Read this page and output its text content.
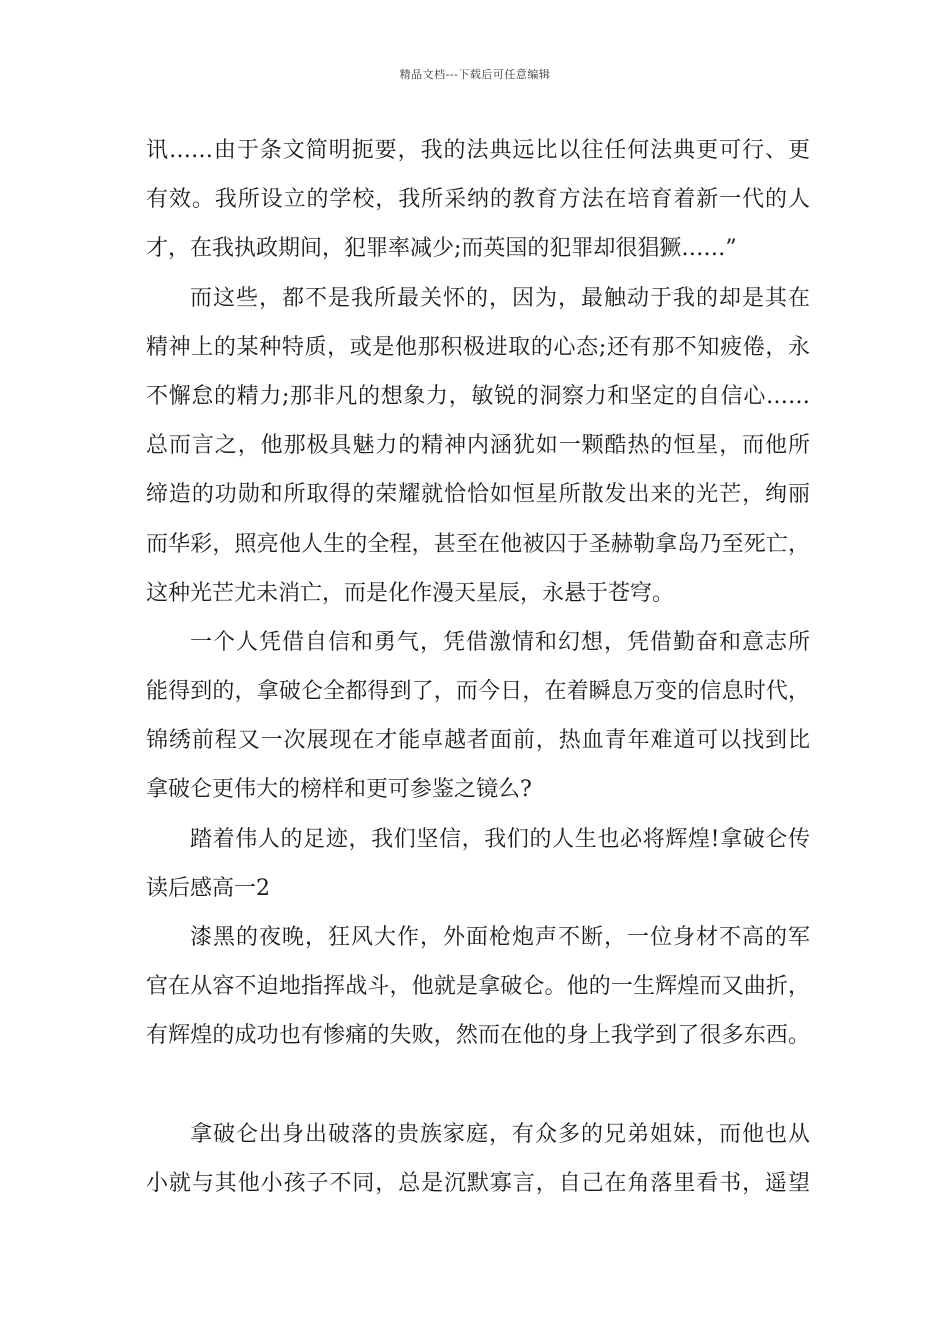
精品文档---下载后可任意编辑
讯……由于条文简明扼要，我的法典远比以往任何法典更可行、更
有效。我所设立的学校，我所采纳的教育方法在培育着新一代的人
才，在我执政期间，犯罪率减少;而英国的犯罪却很猖獗……”
而这些，都不是我所最关怀的，因为，最触动于我的却是其在
精神上的某种特质，或是他那积极进取的心态;还有那不知疲倦，永
不懈怠的精力;那非凡的想象力，敏锐的洞察力和坚定的自信心……
总而言之，他那极具魅力的精神内涵犹如一颗酷热的恒星，而他所
缔造的功勋和所取得的荣耀就恰恰如恒星所散发出来的光芒，绚丽
而华彩，照亮他人生的全程，甚至在他被囚于圣赫勒拿岛乃至死亡，
这种光芒尤未消亡，而是化作漫天星辰，永悬于苍穹。
一个人凭借自信和勇气，凭借激情和幻想，凭借勤奋和意志所
能得到的，拿破仑全都得到了，而今日，在着瞬息万变的信息时代，
锦绣前程又一次展现在才能卓越者面前，热血青年难道可以找到比
拿破仑更伟大的榜样和更可参鉴之镜么?
踏着伟人的足迹，我们坚信，我们的人生也必将辉煌!拿破仑传
读后感高一2
漆黑的夜晚，狂风大作，外面枪炮声不断，一位身材不高的军
官在从容不迫地指挥战斗，他就是拿破仑。他的一生辉煌而又曲折，
有辉煌的成功也有惨痛的失败，然而在他的身上我学到了很多东西。
拿破仑出身出破落的贵族家庭，有众多的兄弟姐妹，而他也从
小就与其他小孩子不同，总是沉默寡言，自己在角落里看书，遥望
